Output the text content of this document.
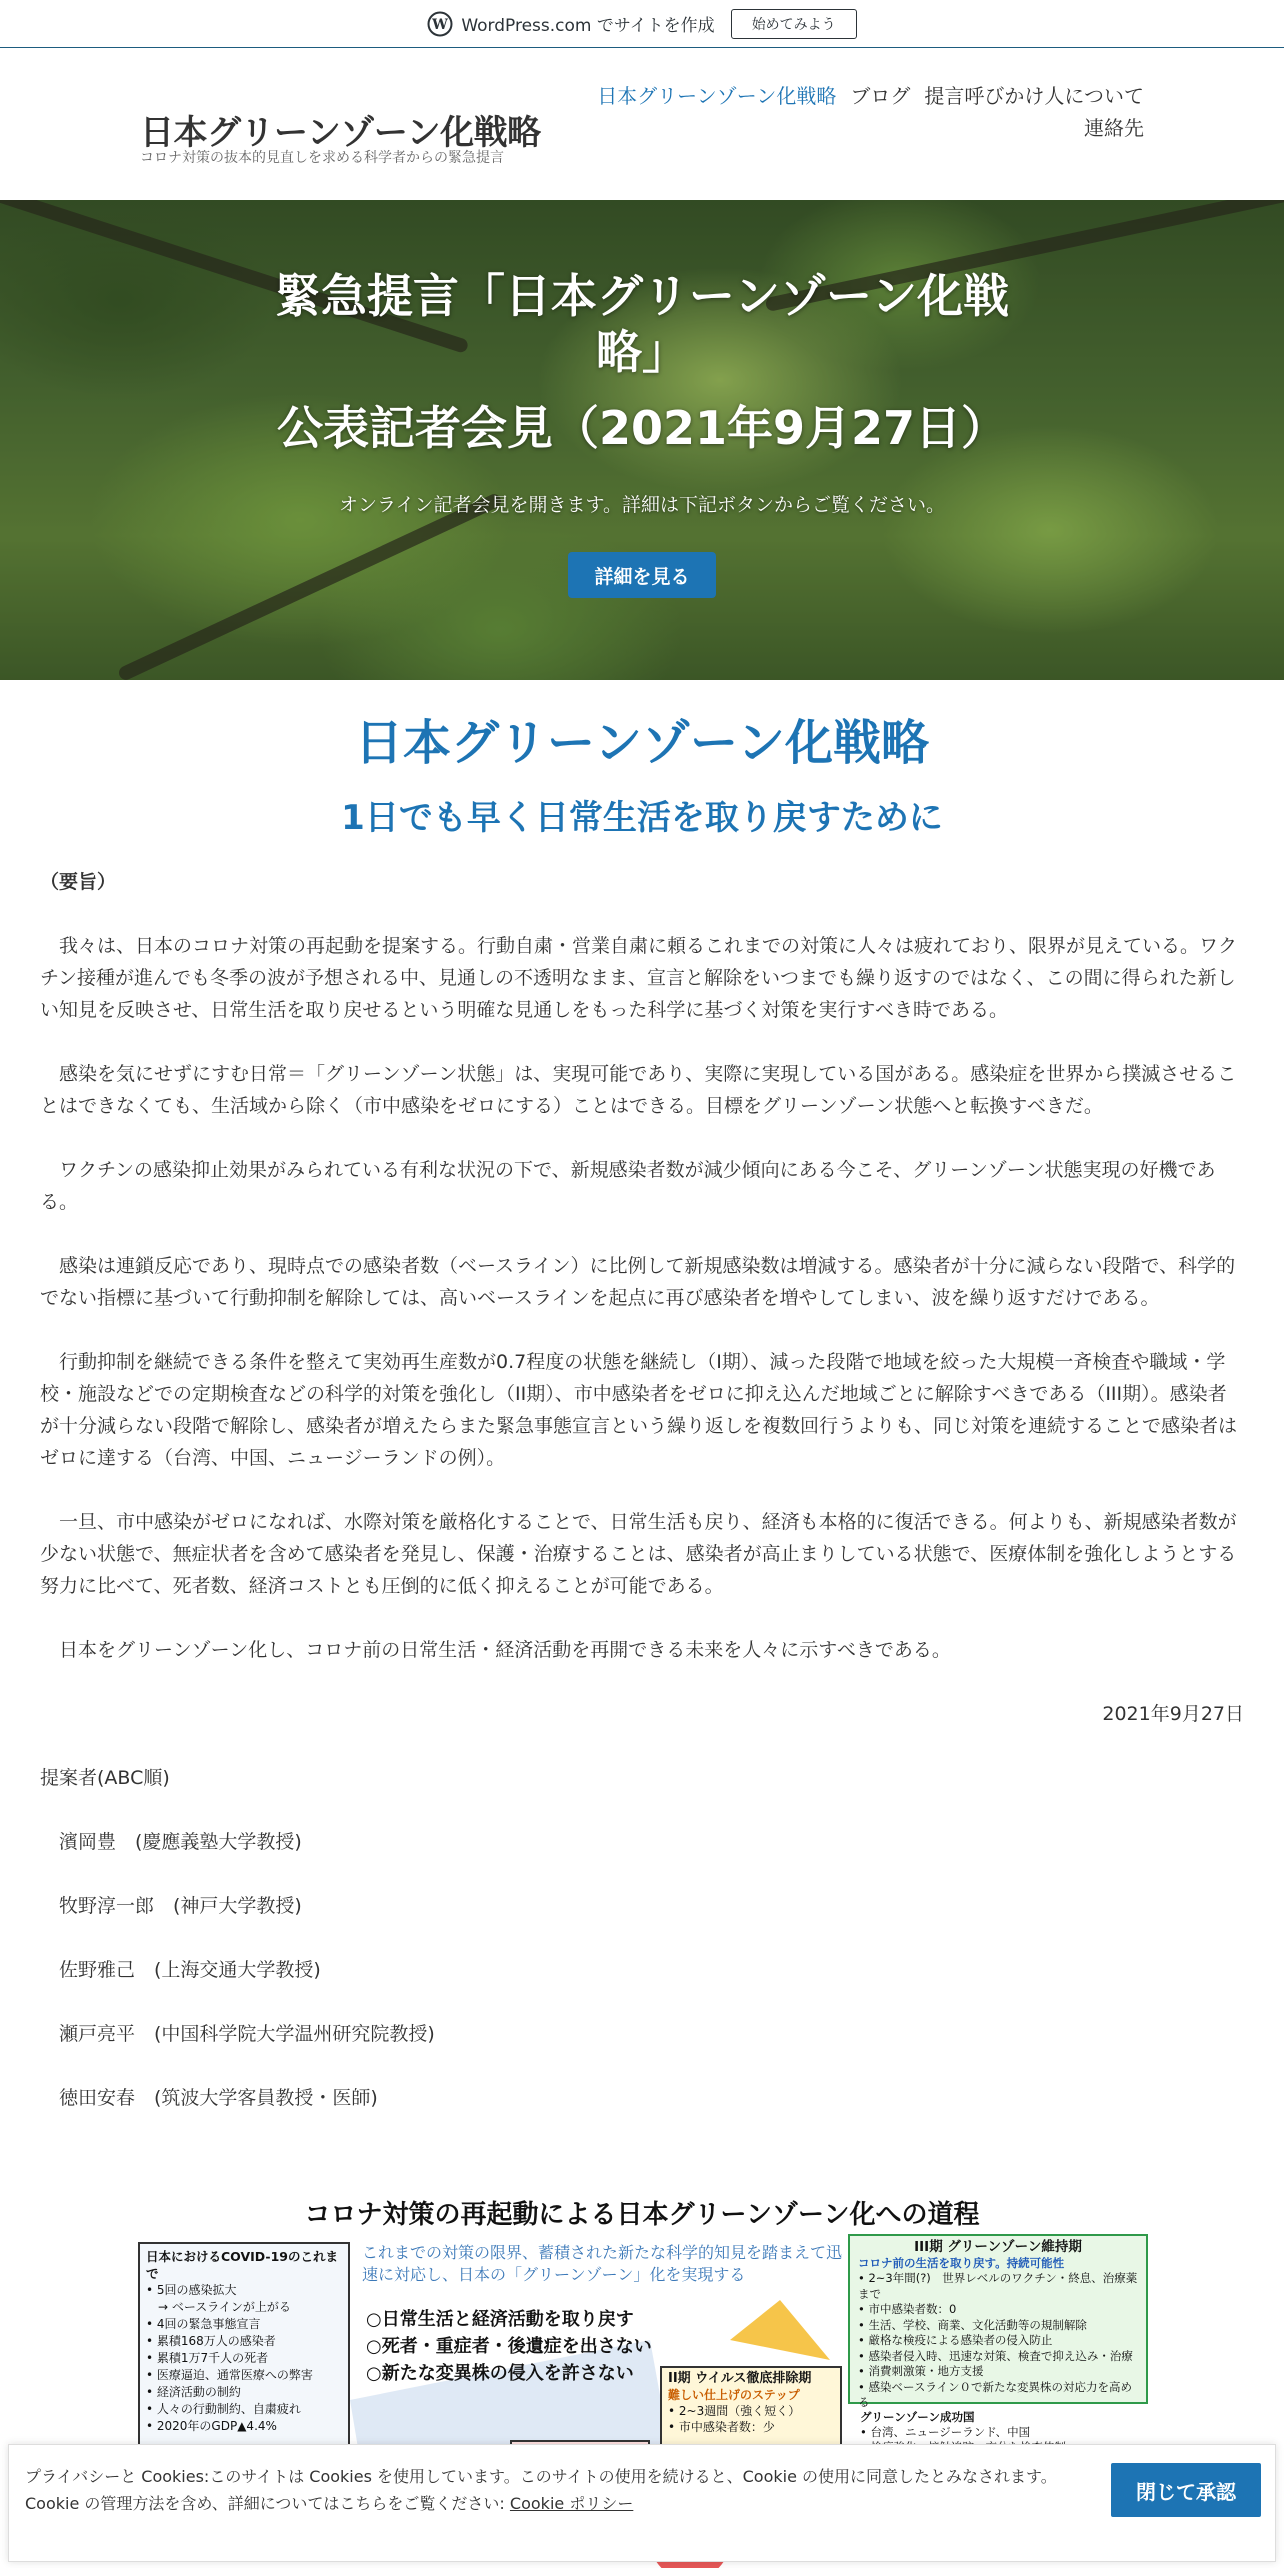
W WordPress.com でサイトを作成	始めてみよう
日本グリーンゾーン化戦略
コロナ対策の抜本的見直しを求める科学者からの緊急提言
日本グリーンゾーン化戦略 ブログ 提言呼びかけ人について
連絡先
緊急提言「日本グリーンゾーン化戦略」
公表記者会見（2021年9月27日）
オンライン記者会見を開きます。詳細は下記ボタンからご覧ください。
詳細を見る
日本グリーンゾーン化戦略
1日でも早く日常生活を取り戻すために

（要旨）

　我々は、日本のコロナ対策の再起動を提案する。行動自粛・営業自粛に頼るこれまでの対策に人々は疲れており、限界が見えている。ワクチン接種が進んでも冬季の波が予想される中、見通しの不透明なまま、宣言と解除をいつまでも繰り返すのではなく、この間に得られた新しい知見を反映させ、日常生活を取り戻せるという明確な見通しをもった科学に基づく対策を実行すべき時である。

　感染を気にせずにすむ日常＝「グリーンゾーン状態」は、実現可能であり、実際に実現している国がある。感染症を世界から撲滅させることはできなくても、生活域から除く（市中感染をゼロにする）ことはできる。目標をグリーンゾーン状態へと転換すべきだ。

　ワクチンの感染抑止効果がみられている有利な状況の下で、新規感染者数が減少傾向にある今こそ、グリーンゾーン状態実現の好機である。

　感染は連鎖反応であり、現時点での感染者数（ベースライン）に比例して新規感染数は増減する。感染者が十分に減らない段階で、科学的でない指標に基づいて行動抑制を解除しては、高いベースラインを起点に再び感染者を増やしてしまい、波を繰り返すだけである。

　行動抑制を継続できる条件を整えて実効再生産数が0.7程度の状態を継続し（I期）、減った段階で地域を絞った大規模一斉検査や職域・学校・施設などでの定期検査などの科学的対策を強化し（II期）、市中感染者をゼロに抑え込んだ地域ごとに解除すべきである（III期）。感染者が十分減らない段階で解除し、感染者が増えたらまた緊急事態宣言という繰り返しを複数回行うよりも、同じ対策を連続することで感染者はゼロに達する（台湾、中国、ニュージーランドの例）。

　一旦、市中感染がゼロになれば、水際対策を厳格化することで、日常生活も戻り、経済も本格的に復活できる。何よりも、新規感染者数が少ない状態で、無症状者を含めて感染者を発見し、保護・治療することは、感染者が高止まりしている状態で、医療体制を強化しようとする努力に比べて、死者数、経済コストとも圧倒的に低く抑えることが可能である。

　日本をグリーンゾーン化し、コロナ前の日常生活・経済活動を再開できる未来を人々に示すべきである。

2021年9月27日

提案者(ABC順)

　濱岡豊　(慶應義塾大学教授)

　牧野淳一郎　(神戸大学教授)

　佐野雅己　(上海交通大学教授)

　瀬戸亮平　(中国科学院大学温州研究院教授)

　徳田安春　(筑波大学客員教授・医師)

コロナ対策の再起動による日本グリーンゾーン化への道程
日本におけるCOVID-19のこれまで
• 5回の感染拡大
　→ ベースラインが上がる
• 4回の緊急事態宣言
• 累積168万人の感染者
• 累積1万7千人の死者
• 医療逼迫、通常医療への弊害
• 経済活動の制約
• 人々の行動制約、自粛疲れ
• 2020年のGDP▲4.4%
これまでの対策の限界、蓄積された新たな科学的知見を踏まえて迅速に対応し、日本の「グリーンゾーン」化を実現する
○日常生活と経済活動を取り戻す
○死者・重症者・後遺症を出さない
○新たな変異株の侵入を許さない	II期 ウイルス徹底排除期
難しい仕上げのステップ
• 2~3週間（強く短く）
• 市中感染者数：少
III期 グリーンゾーン維持期
コロナ前の生活を取り戻す。持続可能性
• 2~3年間(?)　世界レベルのワクチン・終息、治療薬まで
• 市中感染者数：0
• 生活、学校、商業、文化活動等の規制解除
• 厳格な検疫による感染者の侵入防止
• 感染者侵入時、迅速な対策、検査で抑え込み・治療
• 消費刺激策・地方支援
• 感染ベースライン０で新たな変異株の対応力を高める
グリーンゾーン成功国
• 台湾、ニュージーランド、中国
プライバシーと Cookies:このサイトは Cookies を使用しています。このサイトの使用を続けると、Cookie の使用に同意したとみなされます。
Cookie の管理方法を含め、詳細についてはこちらをご覧ください: Cookie ポリシー	閉じて承認
